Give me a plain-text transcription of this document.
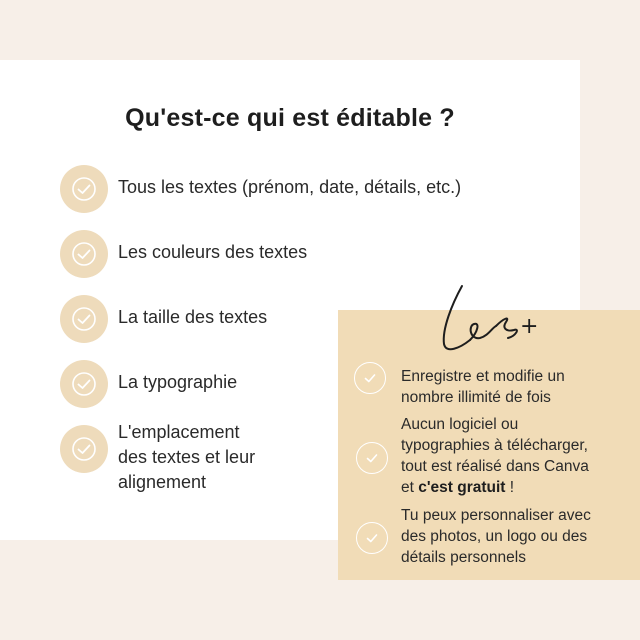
Qu'est-ce qui est éditable ?
Tous les textes (prénom, date, détails, etc.)
Les couleurs des textes
La taille des textes
La typographie
L'emplacement
des textes et leur
alignement
+
Enregistre et modifie un
nombre illimité de fois
Aucun logiciel ou
typographies à télécharger,
tout est réalisé dans Canva
et c'est gratuit !
Tu peux personnaliser avec
des photos, un logo ou des
détails personnels
